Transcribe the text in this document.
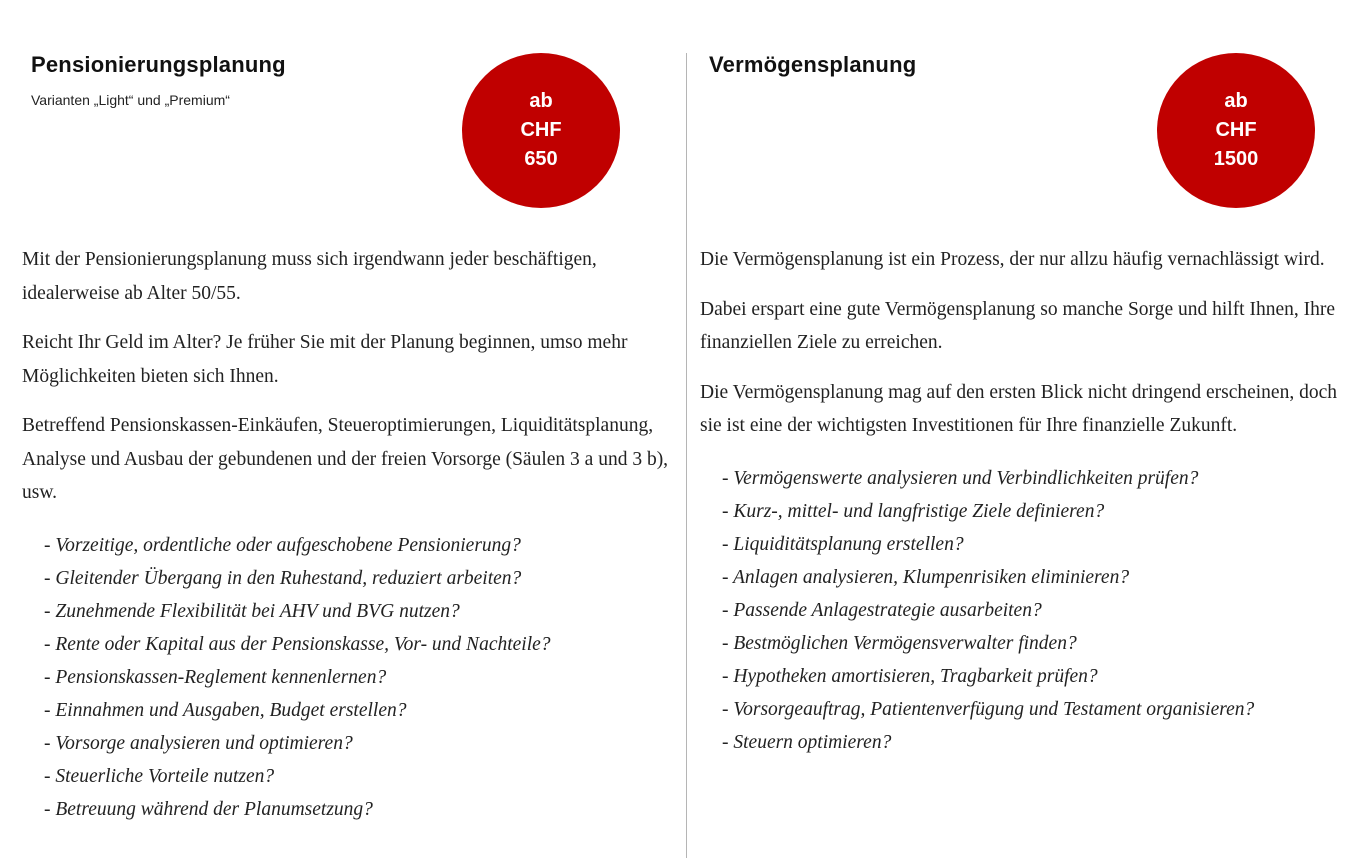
Pensionierungsplanung

Varianten „Light“ und „Premium“	ab
CHF
650

Mit der Pensionierungsplanung muss sich irgendwann jeder beschäftigen, idealerweise ab Alter 50/55.

Reicht Ihr Geld im Alter? Je früher Sie mit der Planung beginnen, umso mehr Möglichkeiten bieten sich Ihnen.

Betreffend Pensionskassen-Einkäufen, Steueroptimierungen, Liquiditätsplanung, Analyse und Ausbau der gebundenen und der freien Vorsorge (Säulen 3 a und 3 b), usw.

- Vorzeitige, ordentliche oder aufgeschobene Pensionierung?
- Gleitender Übergang in den Ruhestand, reduziert arbeiten?
- Zunehmende Flexibilität bei AHV und BVG nutzen?
- Rente oder Kapital aus der Pensionskasse, Vor- und Nachteile?
- Pensionskassen-Reglement kennenlernen?
- Einnahmen und Ausgaben, Budget erstellen?
- Vorsorge analysieren und optimieren?
- Steuerliche Vorteile nutzen?
- Betreuung während der Planumsetzung?
Vermögensplanung
ab
CHF
1500

Die Vermögensplanung ist ein Prozess, der nur allzu häufig vernachlässigt wird.

Dabei erspart eine gute Vermögensplanung so manche Sorge und hilft Ihnen, Ihre finanziellen Ziele zu erreichen.

Die Vermögensplanung mag auf den ersten Blick nicht dringend erscheinen, doch sie ist eine der wichtigsten Investitionen für Ihre finanzielle Zukunft.

- Vermögenswerte analysieren und Verbindlichkeiten prüfen?
- Kurz-, mittel- und langfristige Ziele definieren?
- Liquiditätsplanung erstellen?
- Anlagen analysieren, Klumpenrisiken eliminieren?
- Passende Anlagestrategie ausarbeiten?
- Bestmöglichen Vermögensverwalter finden?
- Hypotheken amortisieren, Tragbarkeit prüfen?
- Vorsorgeauftrag, Patientenverfügung und Testament organisieren?
- Steuern optimieren?
